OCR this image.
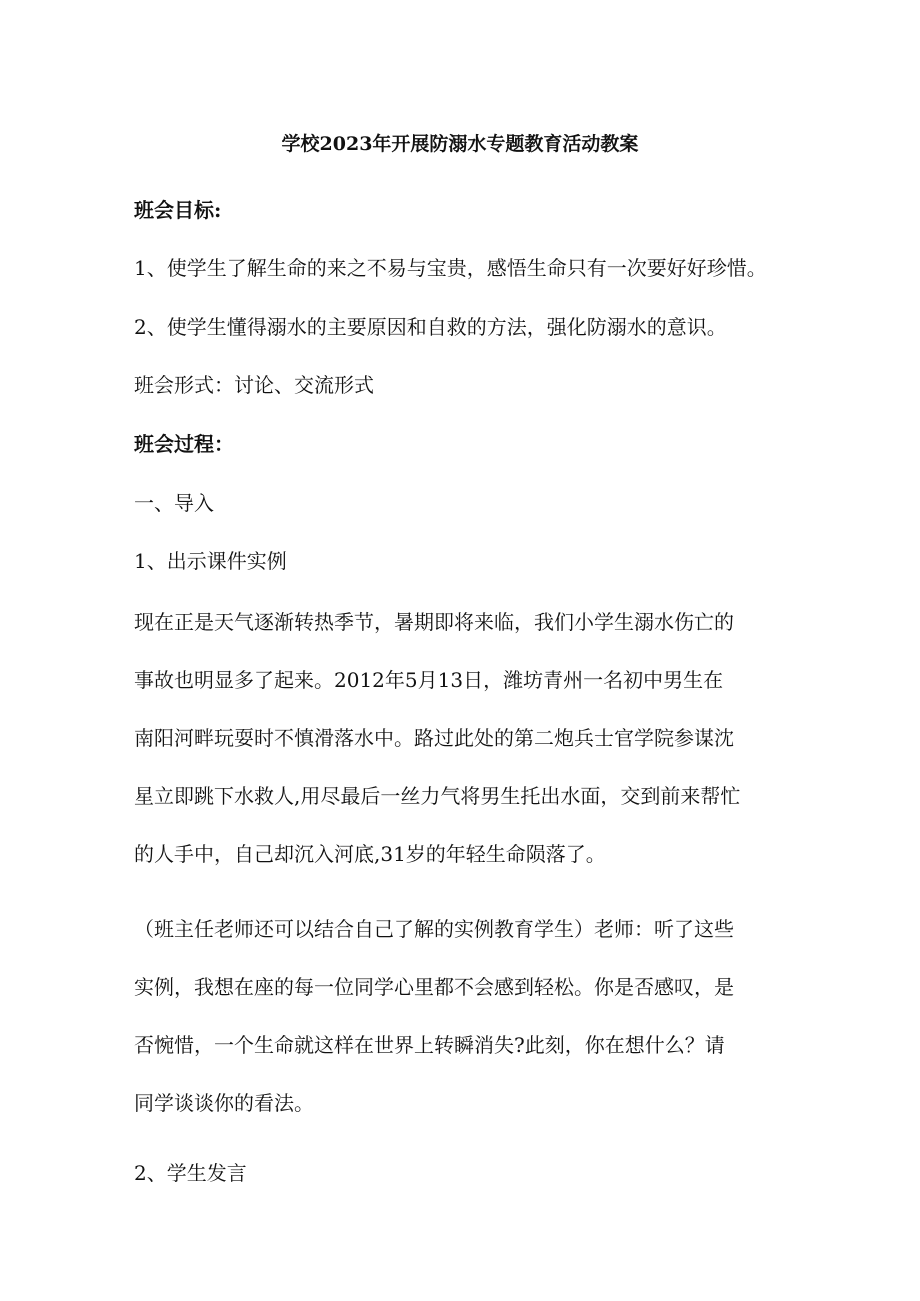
学校2023年开展防溺水专题教育活动教案
班会目标:
1、使学生了解生命的来之不易与宝贵，感悟生命只有一次要好好珍惜。
2、使学生懂得溺水的主要原因和自救的方法，强化防溺水的意识。
班会形式：讨论、交流形式
班会过程：
一、导入
1、出示课件实例
现在正是天气逐渐转热季节，暑期即将来临，我们小学生溺水伤亡的
事故也明显多了起来。2012年5月13日，潍坊青州一名初中男生在
南阳河畔玩耍时不慎滑落水中。路过此处的第二炮兵士官学院参谋沈
星立即跳下水救人,用尽最后一丝力气将男生托出水面，交到前来帮忙
的人手中，自己却沉入河底,31岁的年轻生命陨落了。
（班主任老师还可以结合自己了解的实例教育学生）老师：听了这些
实例，我想在座的每一位同学心里都不会感到轻松。你是否感叹，是
否惋惜，一个生命就这样在世界上转瞬消失?此刻，你在想什么？请
同学谈谈你的看法。
2、学生发言
